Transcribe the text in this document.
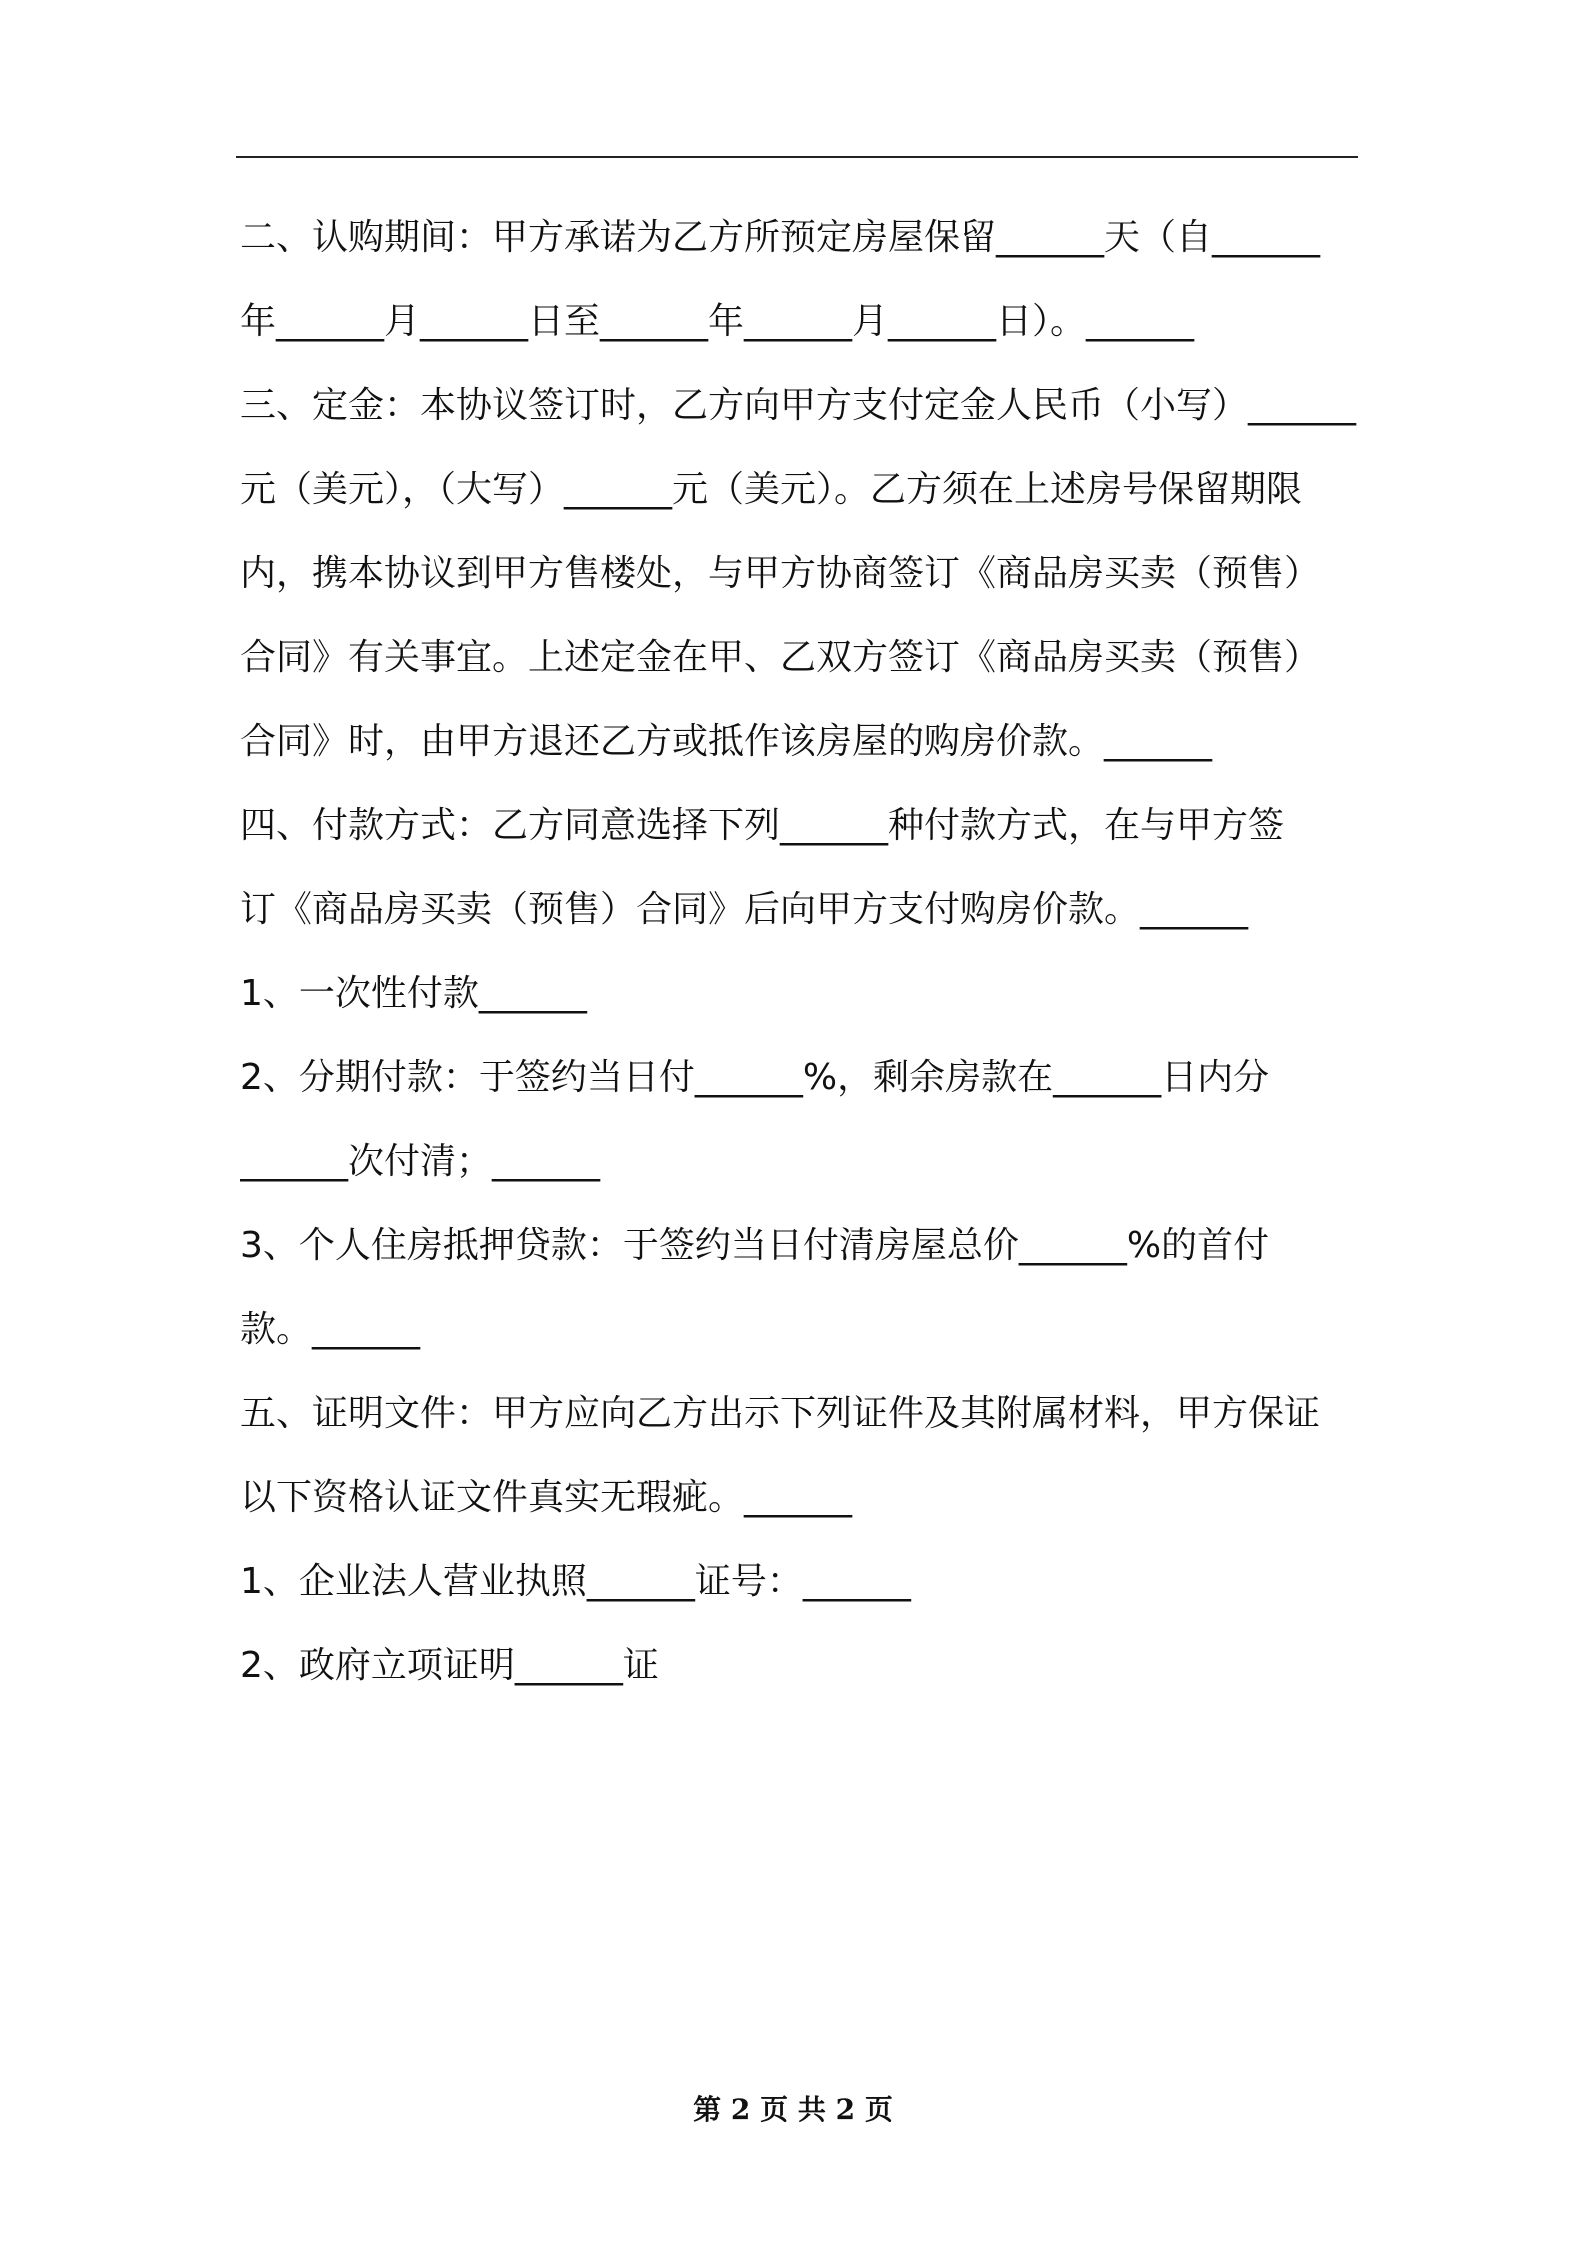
二、认购期间：甲方承诺为乙方所预定房屋保留______天（自______
年______月______日至______年______月______日）。______
三、定金：本协议签订时，乙方向甲方支付定金人民币（小写）______
元（美元），（大写）______元（美元）。乙方须在上述房号保留期限
内，携本协议到甲方售楼处，与甲方协商签订《商品房买卖（预售）
合同》有关事宜。上述定金在甲、乙双方签订《商品房买卖（预售）
合同》时，由甲方退还乙方或抵作该房屋的购房价款。______
四、付款方式：乙方同意选择下列______种付款方式，在与甲方签
订《商品房买卖（预售）合同》后向甲方支付购房价款。______
1、一次性付款______
2、分期付款：于签约当日付______%，剩余房款在______日内分
______次付清；______
3、个人住房抵押贷款：于签约当日付清房屋总价______%的首付
款。______
五、证明文件：甲方应向乙方出示下列证件及其附属材料，甲方保证
以下资格认证文件真实无瑕疵。______
1、企业法人营业执照______证号：______
2、政府立项证明______证
第 2 页 共 2 页
